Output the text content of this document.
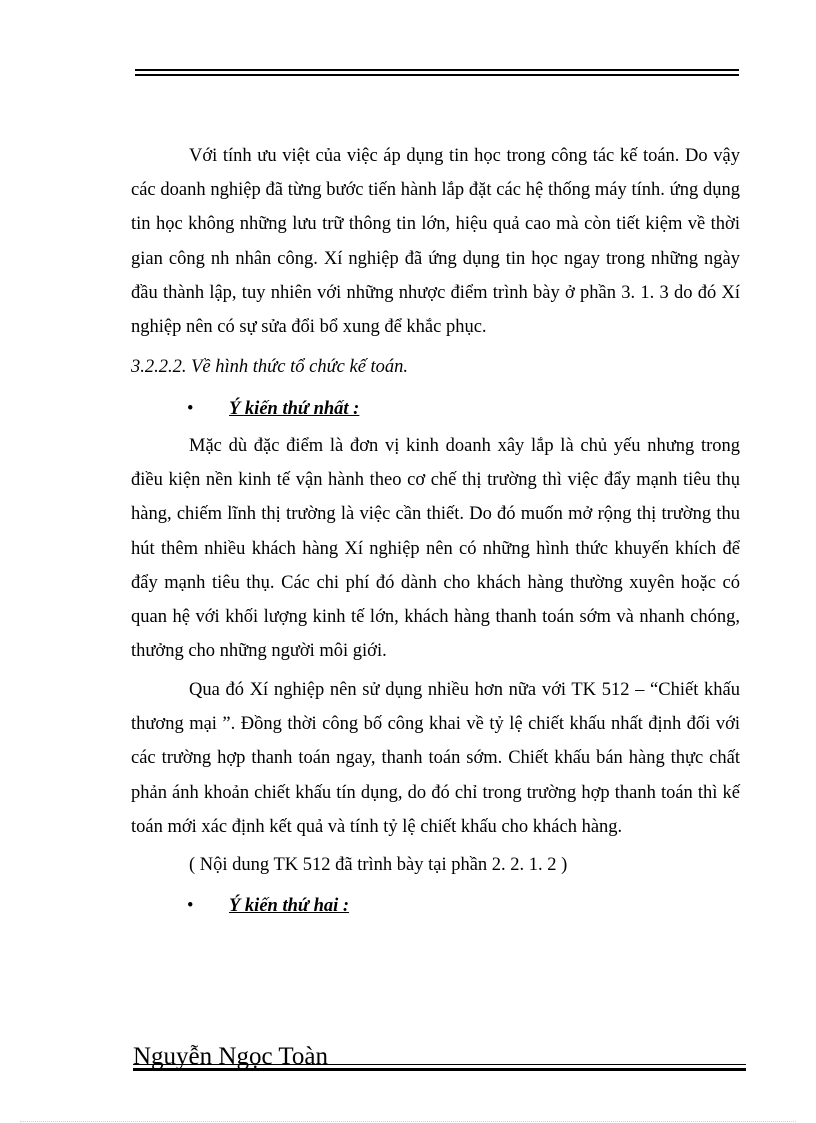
Với tính ưu việt của việc áp dụng tin học trong công tác kế toán. Do vậy các doanh nghiệp đã từng bước tiến hành lắp đặt các hệ thống máy tính. ứng dụng tin học không những lưu trữ thông tin lớn, hiệu quả cao mà còn tiết kiệm về thời gian công nh nhân công. Xí nghiệp đã ứng dụng tin học ngay trong những ngày đầu thành lập, tuy nhiên với những nhược điểm trình bày ở phần 3. 1. 3 do đó Xí nghiệp nên có sự sửa đổi bổ xung để khắc phục.

3.2.2.2. Về hình thức tổ chức kế toán.
•	Ý kiến thứ nhất :

Mặc dù đặc điểm là đơn vị kinh doanh xây lắp là chủ yếu nhưng trong điều kiện nền kinh tế vận hành theo cơ chế thị trường thì việc đẩy mạnh tiêu thụ hàng, chiếm lĩnh thị trường là việc cần thiết. Do đó muốn mở rộng thị trường thu hút thêm nhiều khách hàng Xí nghiệp nên có những hình thức khuyến khích để đẩy mạnh tiêu thụ. Các chi phí đó dành cho khách hàng thường xuyên hoặc có quan hệ với khối lượng kinh tế lớn, khách hàng thanh toán sớm và nhanh chóng, thưởng cho những người môi giới.

Qua đó Xí nghiệp nên sử dụng nhiều hơn nữa với TK 512 – “Chiết khấu thương mại ”. Đồng thời công bố công khai về tỷ lệ chiết khấu nhất định đối với các trường hợp thanh toán ngay, thanh toán sớm. Chiết khấu bán hàng thực chất phản ánh khoản chiết khấu tín dụng, do đó chỉ trong trường hợp thanh toán thì kế toán mới xác định kết quả và tính tỷ lệ chiết khấu cho khách hàng.

( Nội dung TK 512 đã trình bày tại phần 2. 2. 1. 2 )
•	Ý kiến thứ hai :
Nguyễn Ngọc Toàn
